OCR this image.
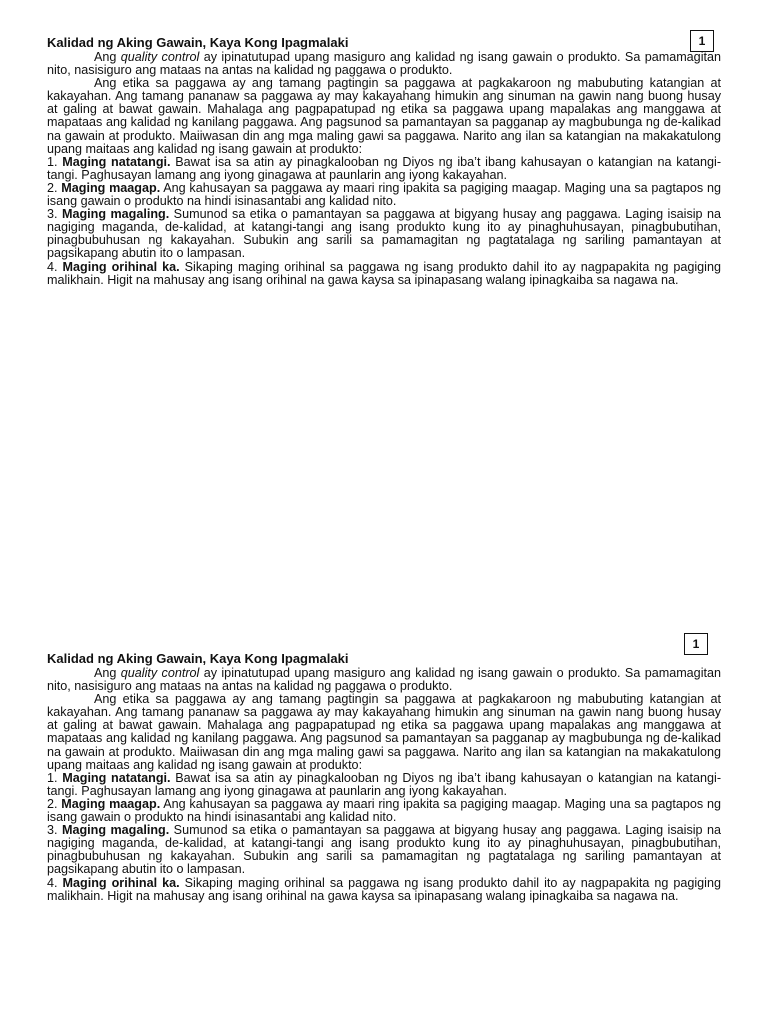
1
1
Kalidad ng Aking Gawain, Kaya Kong Ipagmalaki

Ang quality control ay ipinatutupad upang masiguro ang kalidad ng isang gawain o produkto. Sa pamamagitan nito, nasisiguro ang mataas na antas na kalidad ng paggawa o produkto.

Ang etika sa paggawa ay ang tamang pagtingin sa paggawa at pagkakaroon ng mabubuting katangian at kakayahan. Ang tamang pananaw sa paggawa ay may kakayahang himukin ang sinuman na gawin nang buong husay at galing at bawat gawain. Mahalaga ang pagpapatupad ng etika sa paggawa upang mapalakas ang manggawa at mapataas ang kalidad ng kanilang paggawa. Ang pagsunod sa pamantayan sa pagganap ay magbubunga ng de-kalikad na gawain at produkto. Maiiwasan din ang mga maling gawi sa paggawa. Narito ang ilan sa katangian na makakatulong upang maitaas ang kalidad ng isang gawain at produkto:

1. Maging natatangi. Bawat isa sa atin ay pinagkalooban ng Diyos ng iba’t ibang kahusayan o katangian na katangi-tangi. Paghusayan lamang ang iyong ginagawa at paunlarin ang iyong kakayahan.

2. Maging maagap. Ang kahusayan sa paggawa ay maari ring ipakita sa pagiging maagap. Maging una sa pagtapos ng isang gawain o produkto na hindi isinasantabi ang kalidad nito.

3. Maging magaling. Sumunod sa etika o pamantayan sa paggawa at bigyang husay ang paggawa. Laging isaisip na nagiging maganda, de-kalidad, at katangi-tangi ang isang produkto kung ito ay pinaghuhusayan, pinagbubutihan, pinagbubuhusan ng kakayahan. Subukin ang sarili sa pamamagitan ng pagtatalaga ng sariling pamantayan at pagsikapang abutin ito o lampasan.

4. Maging orihinal ka. Sikaping maging orihinal sa paggawa ng isang produkto dahil ito ay nagpapakita ng pagiging malikhain. Higit na mahusay ang isang orihinal na gawa kaysa sa ipinapasang walang ipinagkaiba sa nagawa na.

Kalidad ng Aking Gawain, Kaya Kong Ipagmalaki

Ang quality control ay ipinatutupad upang masiguro ang kalidad ng isang gawain o produkto. Sa pamamagitan nito, nasisiguro ang mataas na antas na kalidad ng paggawa o produkto.

Ang etika sa paggawa ay ang tamang pagtingin sa paggawa at pagkakaroon ng mabubuting katangian at kakayahan. Ang tamang pananaw sa paggawa ay may kakayahang himukin ang sinuman na gawin nang buong husay at galing at bawat gawain. Mahalaga ang pagpapatupad ng etika sa paggawa upang mapalakas ang manggawa at mapataas ang kalidad ng kanilang paggawa. Ang pagsunod sa pamantayan sa pagganap ay magbubunga ng de-kalikad na gawain at produkto. Maiiwasan din ang mga maling gawi sa paggawa. Narito ang ilan sa katangian na makakatulong upang maitaas ang kalidad ng isang gawain at produkto:

1. Maging natatangi. Bawat isa sa atin ay pinagkalooban ng Diyos ng iba’t ibang kahusayan o katangian na katangi-tangi. Paghusayan lamang ang iyong ginagawa at paunlarin ang iyong kakayahan.

2. Maging maagap. Ang kahusayan sa paggawa ay maari ring ipakita sa pagiging maagap. Maging una sa pagtapos ng isang gawain o produkto na hindi isinasantabi ang kalidad nito.

3. Maging magaling. Sumunod sa etika o pamantayan sa paggawa at bigyang husay ang paggawa. Laging isaisip na nagiging maganda, de-kalidad, at katangi-tangi ang isang produkto kung ito ay pinaghuhusayan, pinagbubutihan, pinagbubuhusan ng kakayahan. Subukin ang sarili sa pamamagitan ng pagtatalaga ng sariling pamantayan at pagsikapang abutin ito o lampasan.

4. Maging orihinal ka. Sikaping maging orihinal sa paggawa ng isang produkto dahil ito ay nagpapakita ng pagiging malikhain. Higit na mahusay ang isang orihinal na gawa kaysa sa ipinapasang walang ipinagkaiba sa nagawa na.
